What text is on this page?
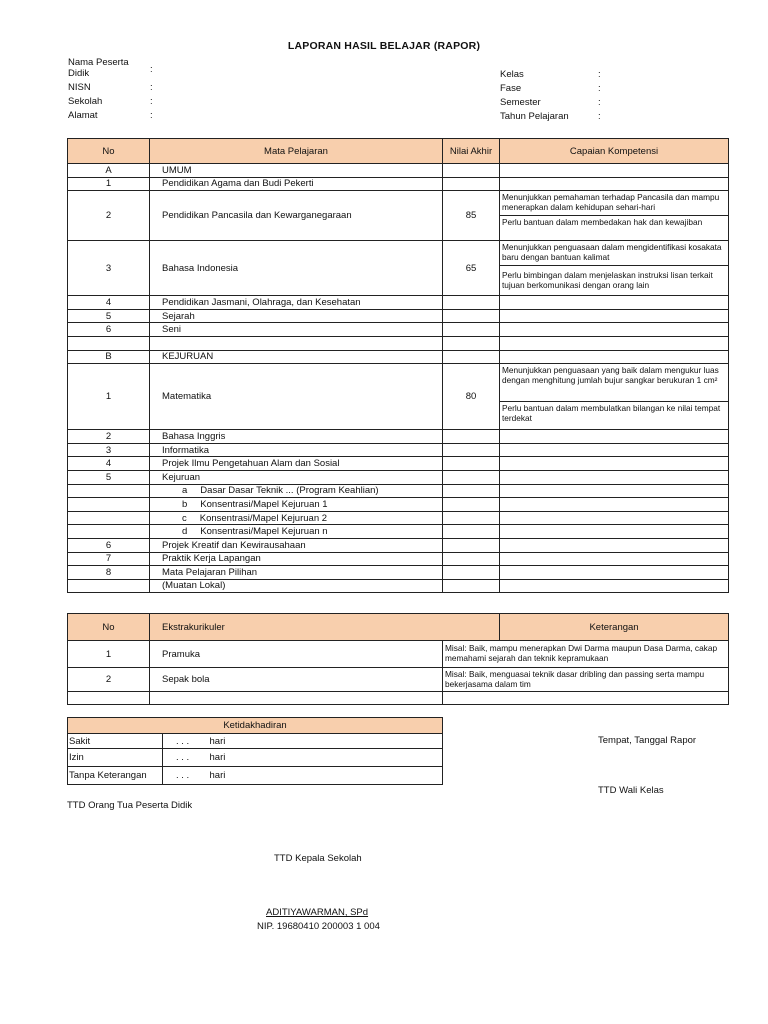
LAPORAN HASIL BELAJAR (RAPOR)
Nama Peserta
Didik	:
NISN	:
Sekolah	:
Alamat	:
Kelas	:
Fase	:
Semester	:
Tahun Pelajaran	:
No	Mata Pelajaran	Nilai Akhir	Capaian Kompetensi
A	UMUM		
1	Pendidikan Agama dan Budi Pekerti		
2	Pendidikan Pancasila dan Kewarganegaraan	85	Menunjukkan pemahaman terhadap Pancasila dan mampu menerapkan dalam kehidupan sehari-hari
			Perlu bantuan dalam membedakan hak dan kewajiban
3	Bahasa Indonesia	65	Menunjukkan penguasaan dalam mengidentifikasi kosakata baru dengan bantuan kalimat
			Perlu bimbingan dalam menjelaskan instruksi lisan terkait tujuan berkomunikasi dengan orang lain
4	Pendidikan Jasmani, Olahraga, dan Kesehatan		
5	Sejarah		
6	Seni		

B	KEJURUAN		
1	Matematika	80	Menunjukkan penguasaan yang baik dalam mengukur luas dengan menghitung jumlah bujur sangkar berukuran 1 cm²
			Perlu bantuan dalam membulatkan bilangan ke nilai tempat terdekat
2	Bahasa Inggris		
3	Informatika		
4	Projek Ilmu Pengetahuan Alam dan Sosial		
5	Kejuruan		
	a Dasar Dasar Teknik ... (Program Keahlian)		
	b Konsentrasi/Mapel Kejuruan 1		
	c Konsentrasi/Mapel Kejuruan 2		
	d Konsentrasi/Mapel Kejuruan n		
6	Projek Kreatif dan Kewirausahaan		
7	Praktik Kerja Lapangan		
8	Mata Pelajaran Pilihan		
	(Muatan Lokal)		
No	Ekstrakurikuler		Keterangan
1	Pramuka	Misal: Baik, mampu menerapkan Dwi Darma maupun Dasa Darma, cakap memahami sejarah dan teknik kepramukaan	
2	Sepak bola	Misal: Baik, menguasai teknik dasar dribling dan passing serta mampu bekerjasama dalam tim	

Ketidakhadiran		
Sakit	. . .	hari
Izin	. . .	hari
Tanpa Keterangan	. . .	hari
Tempat, Tanggal Rapor
TTD Wali Kelas
TTD Orang Tua Peserta Didik
TTD Kepala Sekolah
ADITIYAWARMAN, SPd
NIP. 19680410 200003 1 004
